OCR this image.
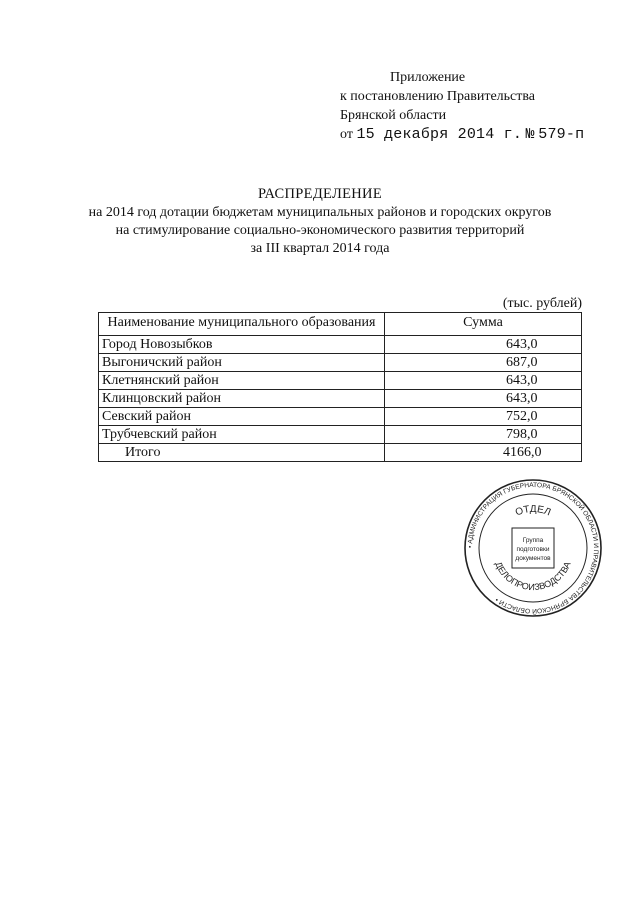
Приложение
к постановлению Правительства
Брянской области
от 15 декабря 2014 г. № 579-п
РАСПРЕДЕЛЕНИЕ
на 2014 год дотации бюджетам муниципальных районов и городских округов
на стимулирование социально-экономического развития территорий
за III квартал 2014 года
(тыс. рублей)
Наименование муниципального образования	Сумма
Город Новозыбков	643,0
Выгоничский район	687,0
Клетнянский район	643,0
Клинцовский район	643,0
Севский район	752,0
Трубчевский район	798,0
Итого	4166,0
• АДМИНИСТРАЦИЯ ГУБЕРНАТОРА БРЯНСКОЙ ОБЛАСТИ И ПРАВИТЕЛЬСТВА БРЯНСКОЙ ОБЛАСТИ •
ОТДЕЛ
ДЕЛОПРОИЗВОДСТВА
Группа
подготовки
документов
